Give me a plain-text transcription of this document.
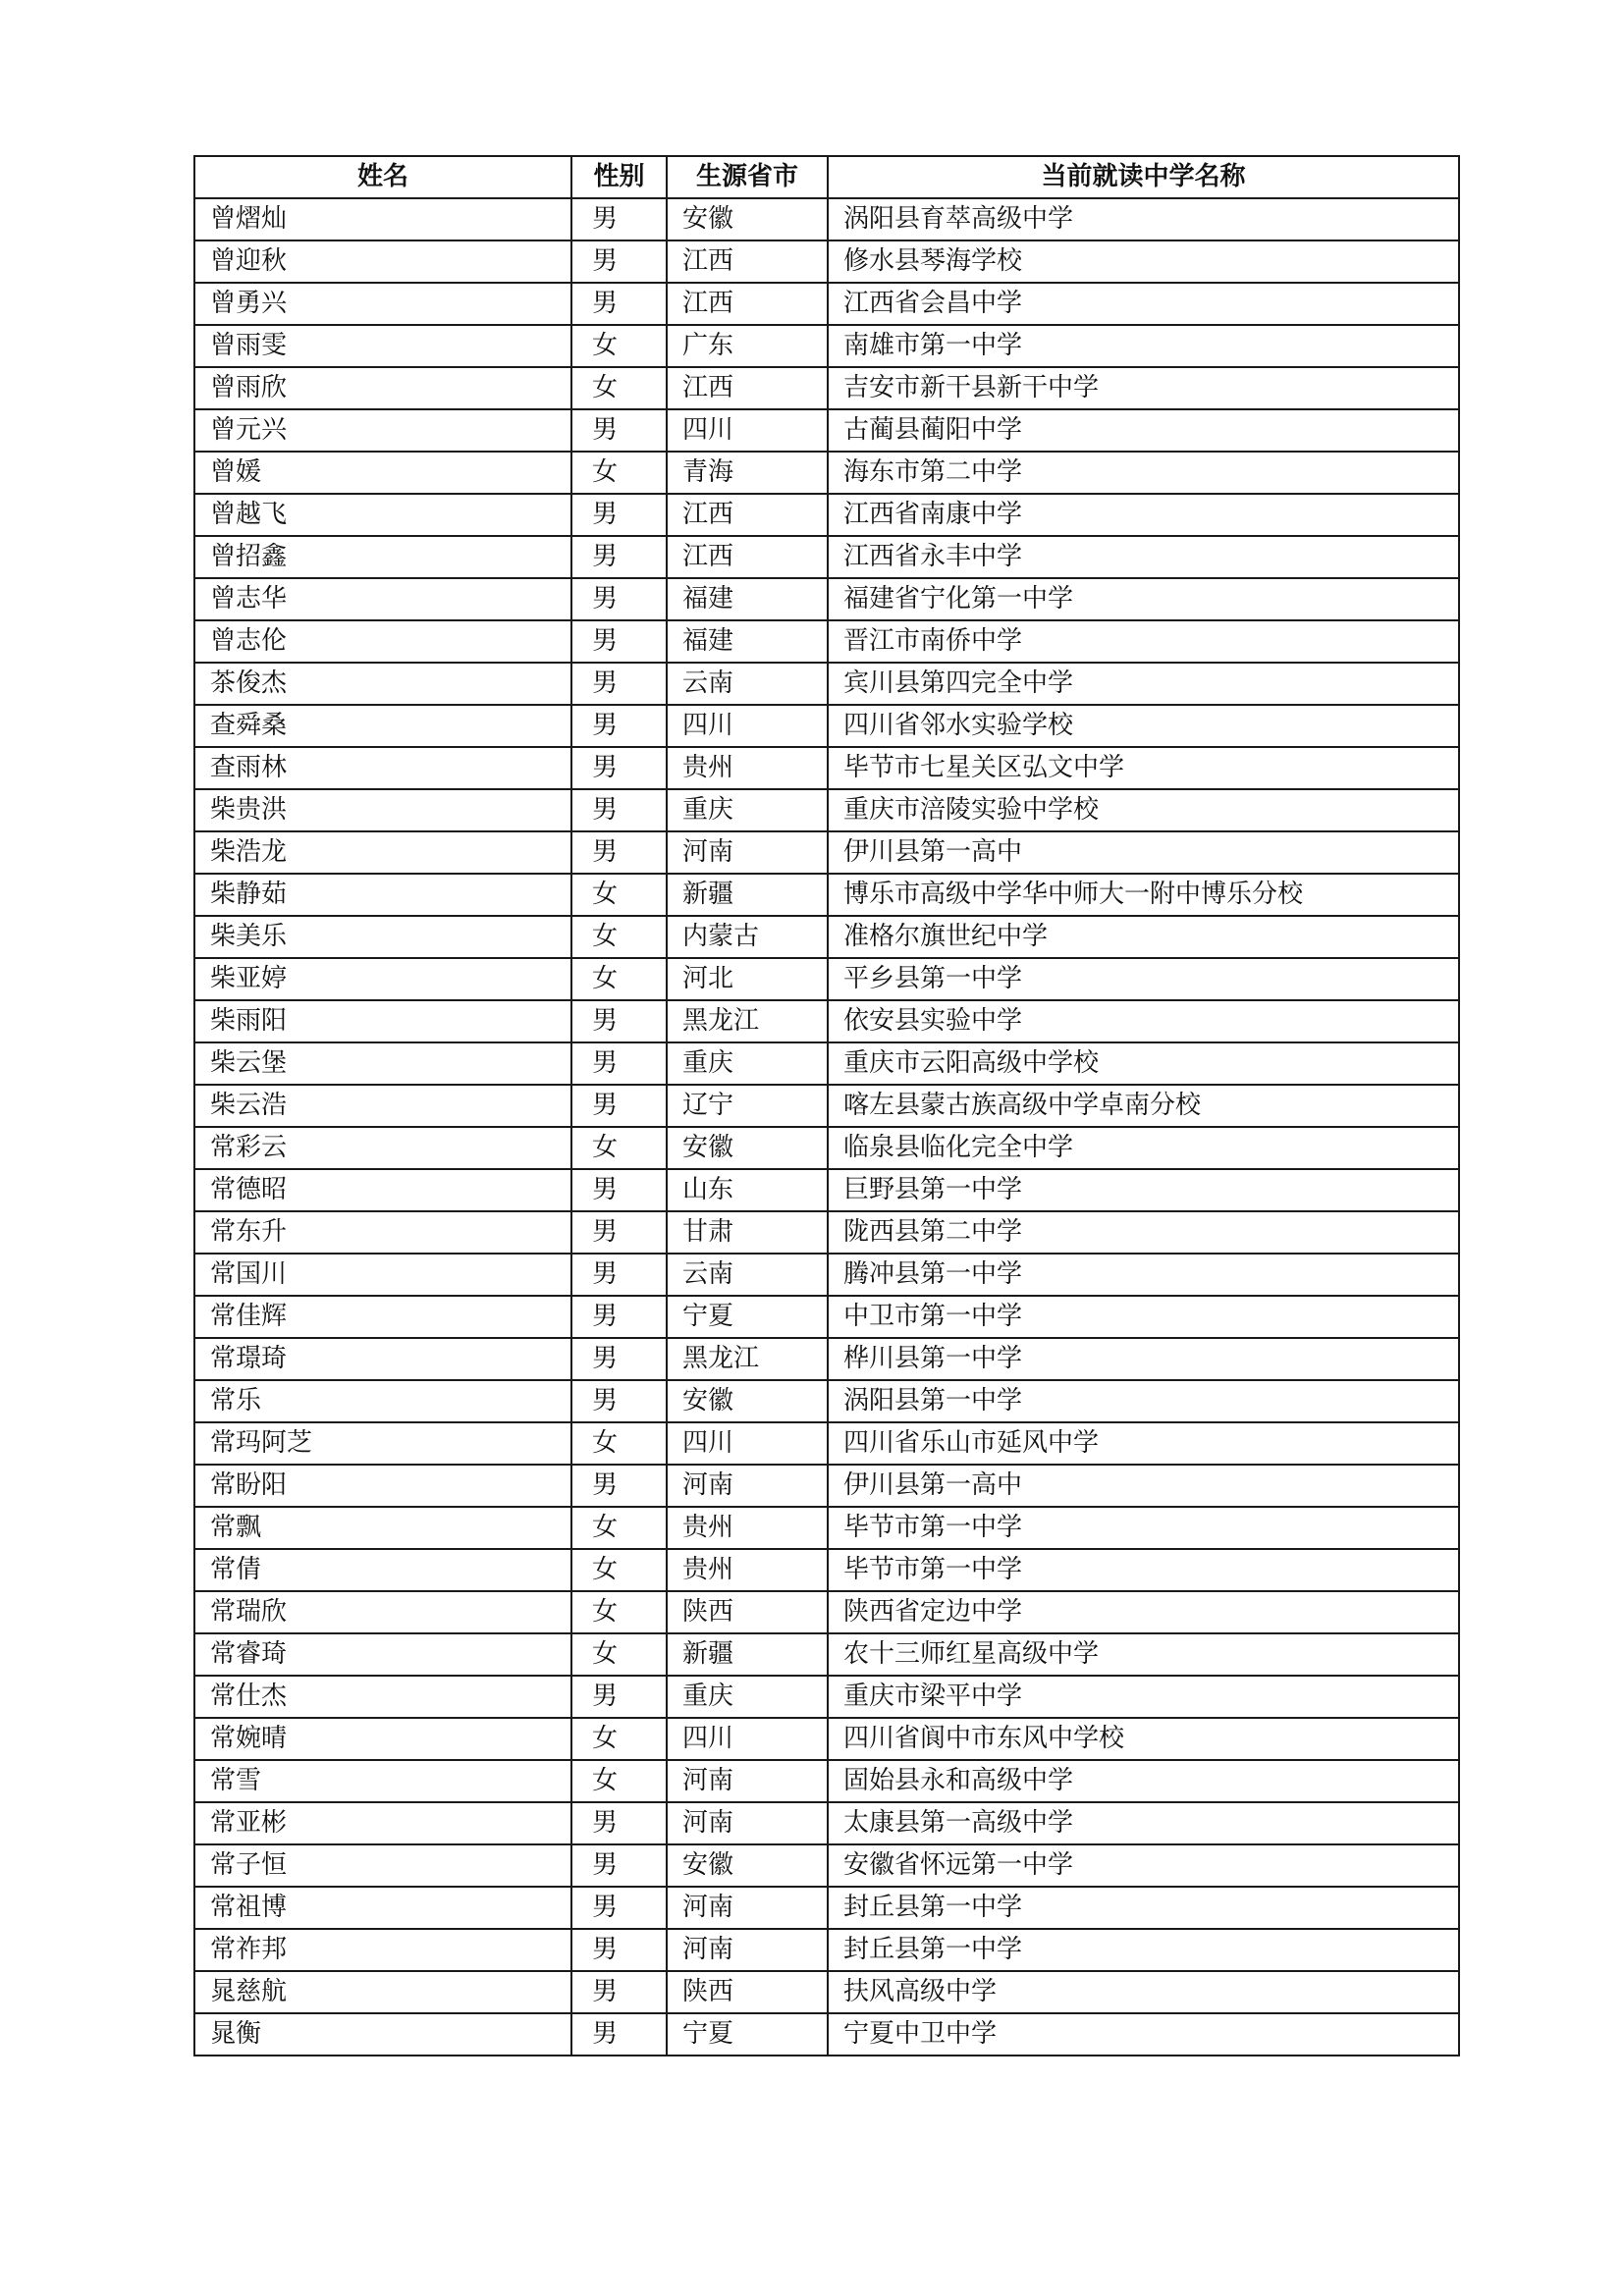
姓名	性别	生源省市	当前就读中学名称
曾熠灿	男	安徽	涡阳县育萃高级中学
曾迎秋	男	江西	修水县琴海学校
曾勇兴	男	江西	江西省会昌中学
曾雨雯	女	广东	南雄市第一中学
曾雨欣	女	江西	吉安市新干县新干中学
曾元兴	男	四川	古蔺县蔺阳中学
曾媛	女	青海	海东市第二中学
曾越飞	男	江西	江西省南康中学
曾招鑫	男	江西	江西省永丰中学
曾志华	男	福建	福建省宁化第一中学
曾志伦	男	福建	晋江市南侨中学
茶俊杰	男	云南	宾川县第四完全中学
查舜桑	男	四川	四川省邻水实验学校
查雨林	男	贵州	毕节市七星关区弘文中学
柴贵洪	男	重庆	重庆市涪陵实验中学校
柴浩龙	男	河南	伊川县第一高中
柴静茹	女	新疆	博乐市高级中学华中师大一附中博乐分校
柴美乐	女	内蒙古	准格尔旗世纪中学
柴亚婷	女	河北	平乡县第一中学
柴雨阳	男	黑龙江	依安县实验中学
柴云堡	男	重庆	重庆市云阳高级中学校
柴云浩	男	辽宁	喀左县蒙古族高级中学卓南分校
常彩云	女	安徽	临泉县临化完全中学
常德昭	男	山东	巨野县第一中学
常东升	男	甘肃	陇西县第二中学
常国川	男	云南	腾冲县第一中学
常佳辉	男	宁夏	中卫市第一中学
常璟琦	男	黑龙江	桦川县第一中学
常乐	男	安徽	涡阳县第一中学
常玛阿芝	女	四川	四川省乐山市延风中学
常盼阳	男	河南	伊川县第一高中
常飘	女	贵州	毕节市第一中学
常倩	女	贵州	毕节市第一中学
常瑞欣	女	陕西	陕西省定边中学
常睿琦	女	新疆	农十三师红星高级中学
常仕杰	男	重庆	重庆市梁平中学
常婉晴	女	四川	四川省阆中市东风中学校
常雪	女	河南	固始县永和高级中学
常亚彬	男	河南	太康县第一高级中学
常子恒	男	安徽	安徽省怀远第一中学
常祖博	男	河南	封丘县第一中学
常祚邦	男	河南	封丘县第一中学
晁慈航	男	陕西	扶风高级中学
晁衡	男	宁夏	宁夏中卫中学
